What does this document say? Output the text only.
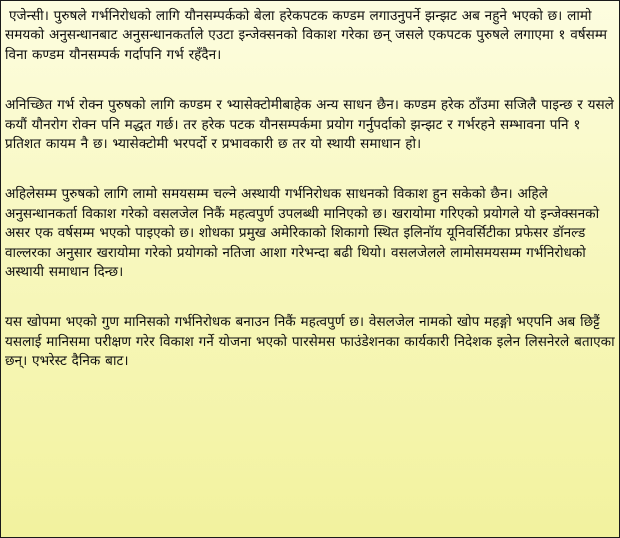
एजेन्सी। पुरुषले गर्भनिरोधको लागि यौनसम्पर्कको बेला हरेकपटक कण्डम लगाउनुपर्ने झन्झट अब नहुने भएको छ। लामो समयको अनुसन्धानबाट अनुसन्धानकर्ताले एउटा इन्जेक्सनको विकाश गरेका छन्‌ जसले एकपटक पुरुषले लगाएमा १ वर्षसम्म विना कण्डम यौनसम्पर्क गर्दापनि गर्भ रहँदैन।

अनिच्छित गर्भ रोक्न पुरुषको लागि कण्डम र भ्यासेक्टोमीबाहेक अन्य साधन छैन। कण्डम हरेक ठाँउमा सजिलै पाइन्छ र यसले कयौं यौनरोग रोक्न पनि मद्धत गर्छ। तर हरेक पटक यौनसम्पर्कमा प्रयोग गर्नुपर्दाको झन्झट र गर्भरहने सम्भावना पनि १ प्रतिशत कायम नै छ। भ्यासेक्टोमी भरपर्दो र प्रभावकारी छ तर यो स्थायी समाधान हो।

अहिलेसम्म पुरुषको लागि लामो समयसम्म चल्ने अस्थायी गर्भनिरोधक साधनको विकाश हुन सकेको छैन। अहिले अनुसन्धानकर्ता विकाश गरेको वसलजेल निकैं महत्वपुर्ण उपलब्धी मानिएको छ। खरायोमा गरिएको प्रयोगले यो इन्जेक्सनको असर एक वर्षसम्म भएको पाइएको छ। शोधका प्रमुख अमेरिकाको शिकागो स्थित इलिनॉय यूनिवर्सिटीका प्रफेसर डॉनल्ड वाल्लरका अनुसार खरायोमा गरेको प्रयोगको नतिजा आशा गरेभन्दा बढी थियो। वसलजेलले लामोसमयसम्म गर्भनिरोधको अस्थायी समाधान दिन्छ।

यस खोपमा भएको गुण मानिसको गर्भनिरोधक बनाउन निकैं महत्वपुर्ण छ। वेसलजेल नामको खोप महङ्गो भएपनि अब छिट्टैं यसलाई मानिसमा परीक्षण गरेर विकाश गर्ने योजना भएको पारसेमस फाउंडेशनका कार्यकारी निदेशक इलेन लिसनेरले बताएका छन्‌। एभरेस्ट दैनिक बाट।
